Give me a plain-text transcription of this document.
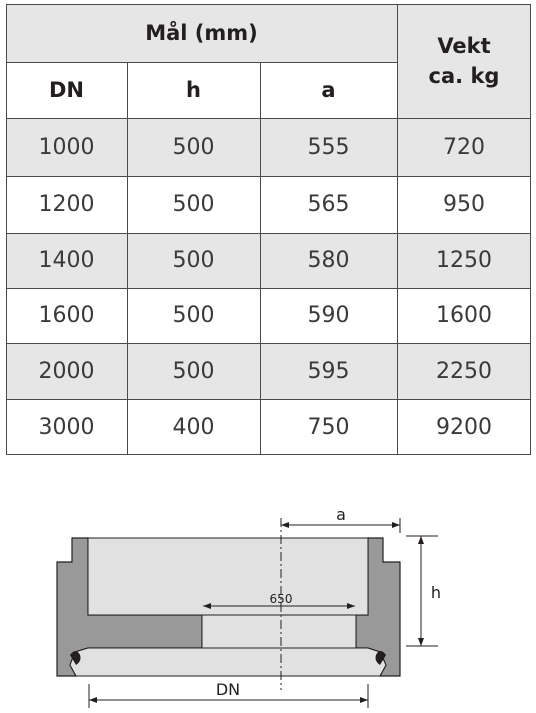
Mål (mm)
Vekt
ca. kg
DN	h	a
1000	500	555	720
1200	500	565	950
1400	500	580	1250
1600	500	590	1600
2000	500	595	2250
3000	400	750	9200
a
h
650
DN
